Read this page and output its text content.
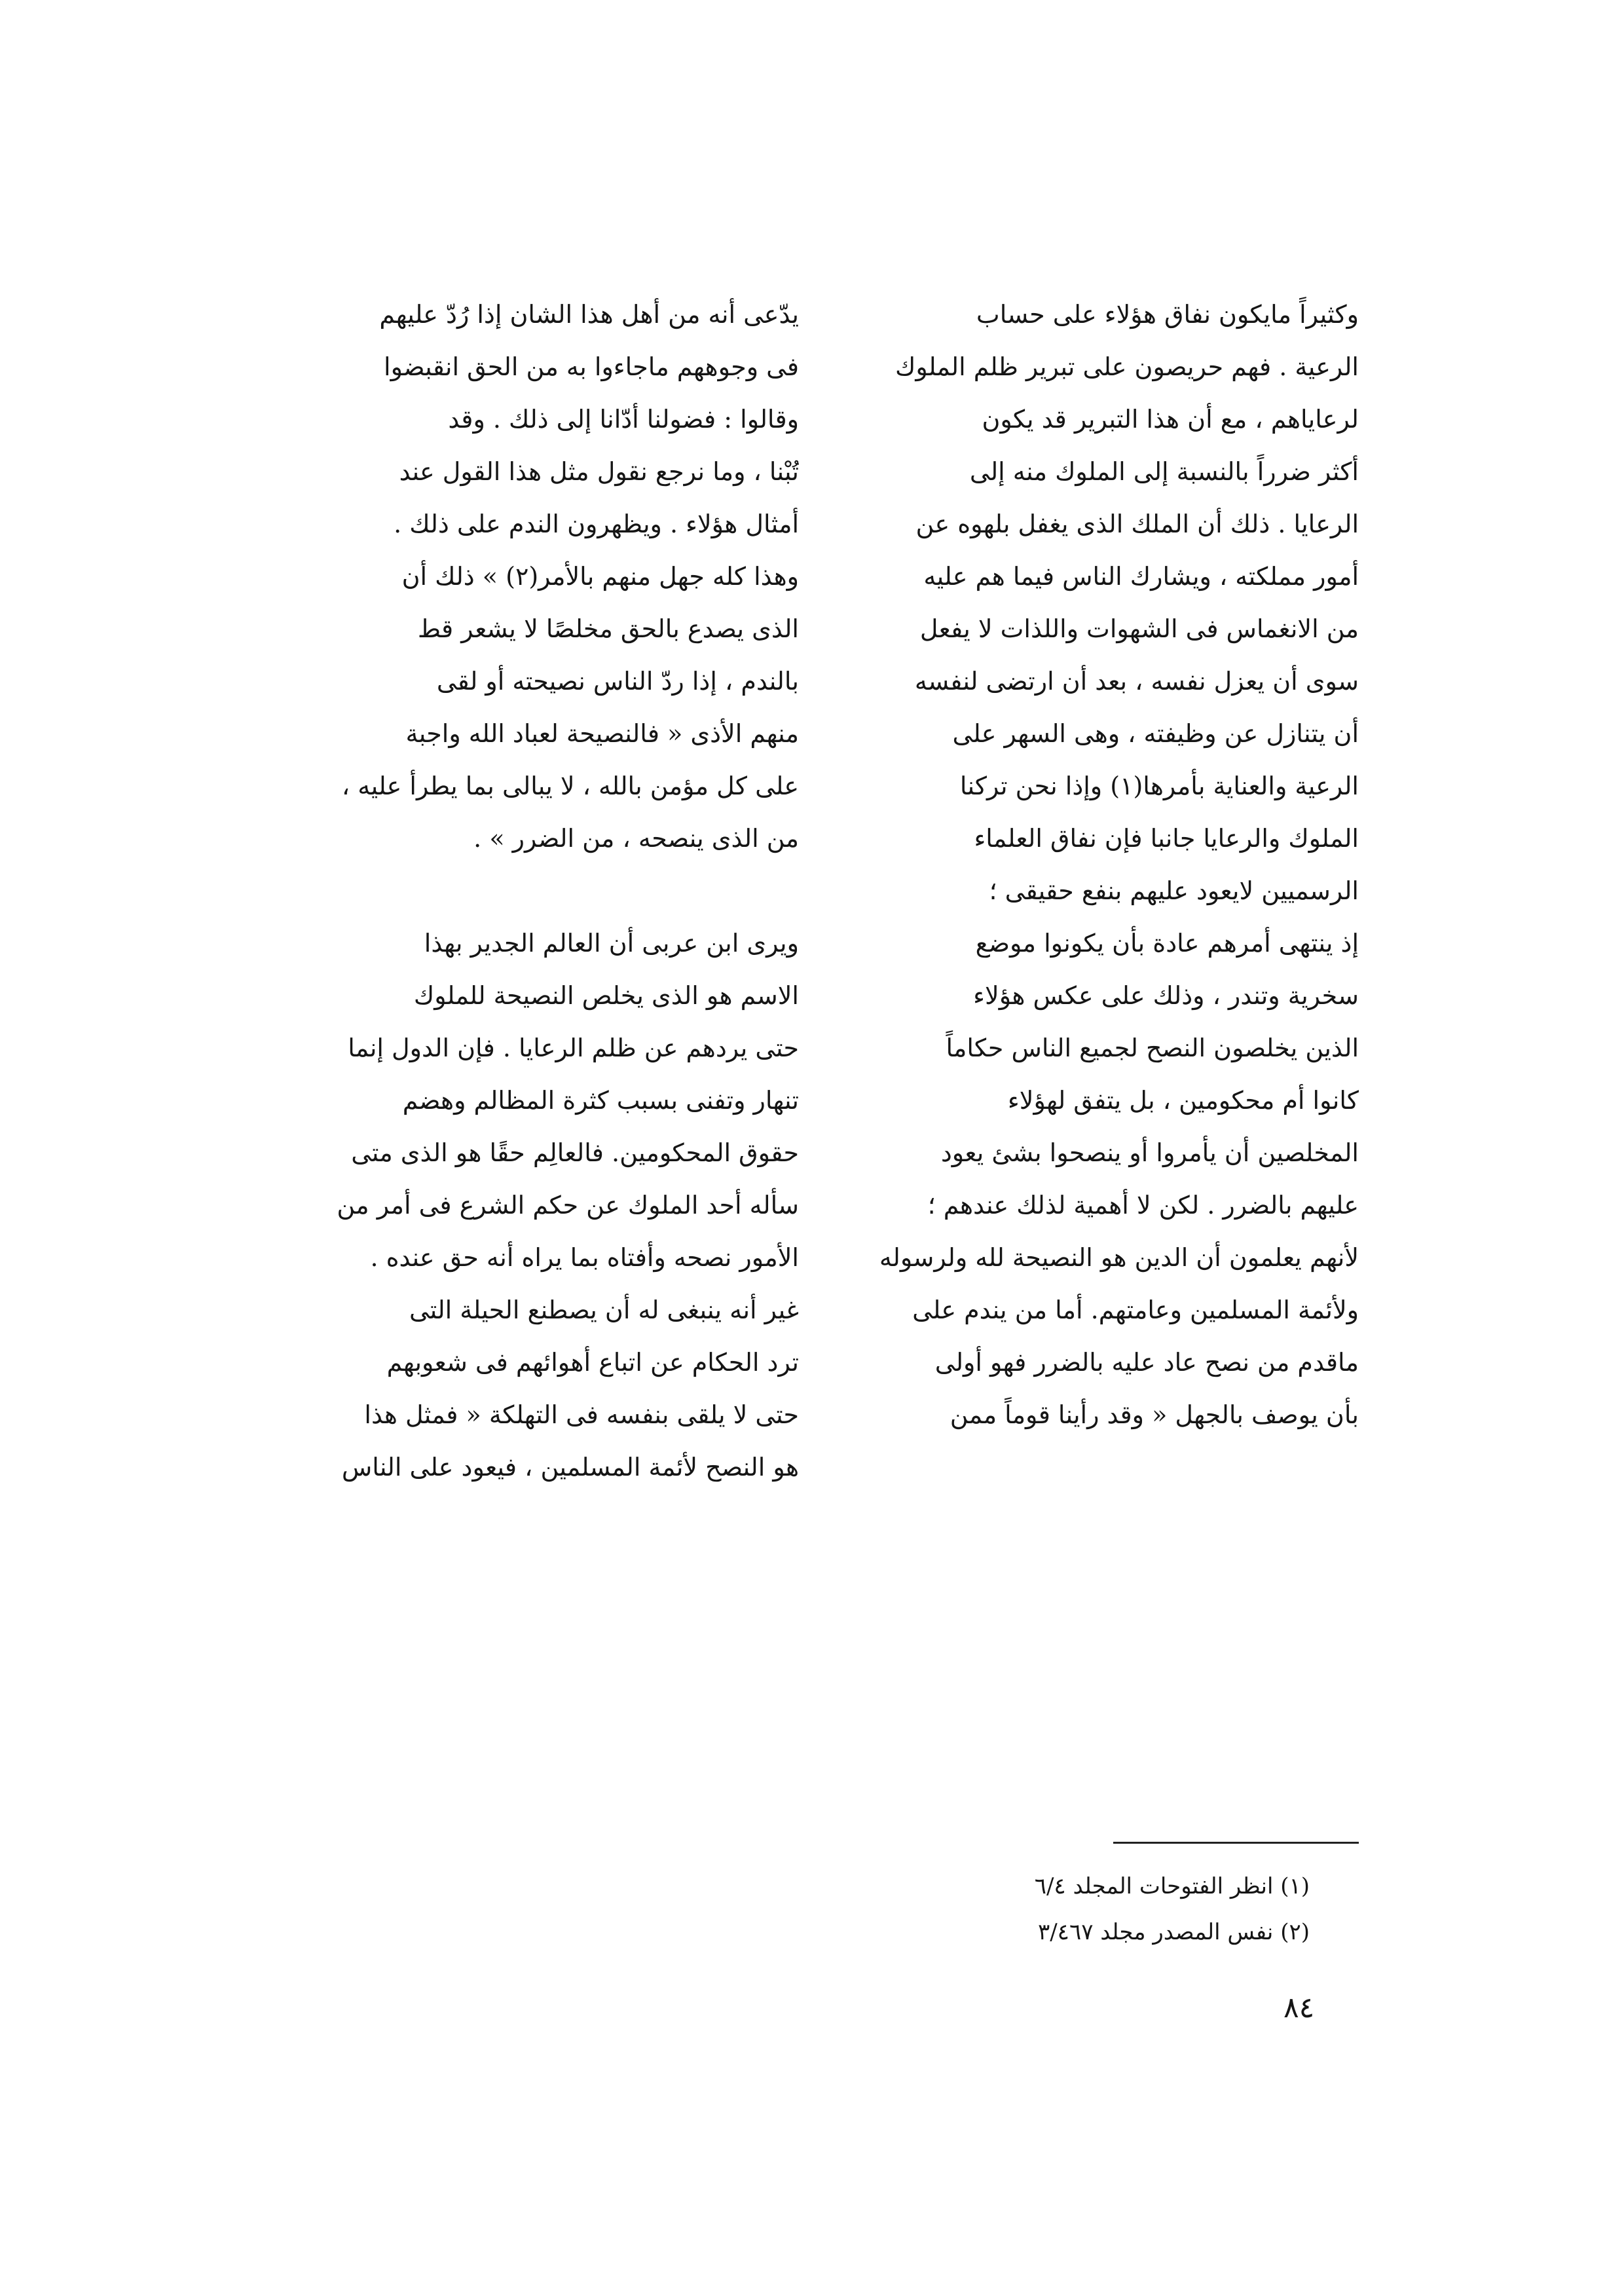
وكثيراً مايكون نفاق هؤلاء على حساب
الرعية . فهم حريصون على تبرير ظلم الملوك
لرعاياهم ، مع أن هذا التبرير قد يكون
أكثر ضرراً بالنسبة إلى الملوك منه إلى
الرعايا . ذلك أن الملك الذى يغفل بلهوه عن
أمور مملكته ، ويشارك الناس فيما هم عليه
من الانغماس فى الشهوات واللذات لا يفعل
سوى أن يعزل نفسه ، بعد أن ارتضى لنفسه
أن يتنازل عن وظيفته ، وهى السهر على
الرعية والعناية بأمرها(١) وإذا نحن تركنا
الملوك والرعايا جانبا فإن نفاق العلماء
الرسميين لايعود عليهم بنفع حقيقى ؛
إذ ينتهى أمرهم عادة بأن يكونوا موضع
سخرية وتندر ، وذلك على عكس هؤلاء
الذين يخلصون النصح لجميع الناس حكاماً
كانوا أم محكومين ، بل يتفق لهؤلاء
المخلصين أن يأمروا أو ينصحوا بشئ يعود
عليهم بالضرر . لكن لا أهمية لذلك عندهم ؛
لأنهم يعلمون أن الدين هو النصيحة لله ولرسوله
ولأئمة المسلمين وعامتهم. أما من يندم على
ماقدم من نصح عاد عليه بالضرر فهو أولى
بأن يوصف بالجهل « وقد رأينا قوماً ممن
يدّعى أنه من أهل هذا الشان إذا رُدّ عليهم
فى وجوههم ماجاءوا به من الحق انقبضوا
وقالوا : فضولنا أدّانا إلى ذلك . وقد
تُبْنا ، وما نرجع نقول مثل هذا القول عند
أمثال هؤلاء . ويظهرون الندم على ذلك .
وهذا كله جهل منهم بالأمر(٢) » ذلك أن
الذى يصدع بالحق مخلصًا لا يشعر قط
بالندم ، إذا ردّ الناس نصيحته أو لقى
منهم الأذى « فالنصيحة لعباد الله واجبة
على كل مؤمن بالله ، لا يبالى بما يطرأ عليه ،
من الذى ينصحه ، من الضرر » .
ويرى ابن عربى أن العالم الجدير بهذا
الاسم هو الذى يخلص النصيحة للملوك
حتى يردهم عن ظلم الرعايا . فإن الدول إنما
تنهار وتفنى بسبب كثرة المظالم وهضم
حقوق المحكومين. فالعالِم حقًا هو الذى متى
سأله أحد الملوك عن حكم الشرع فى أمر من
الأمور نصحه وأفتاه بما يراه أنه حق عنده .
غير أنه ينبغى له أن يصطنع الحيلة التى
ترد الحكام عن اتباع أهوائهم فى شعوبهم
حتى لا يلقى بنفسه فى التهلكة « فمثل هذا
هو النصح لأئمة المسلمين ، فيعود على الناس
(١) انظر الفتوحات المجلد ٦/٤
(٢) نفس المصدر مجلد ٣/٤٦٧
٨٤
